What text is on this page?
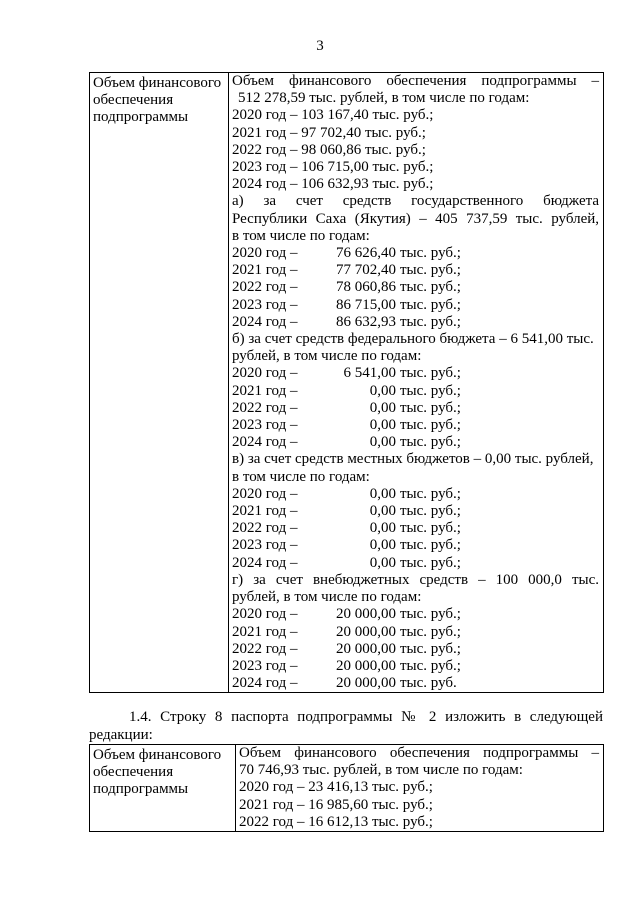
3
Объем финансового
обеспечения
подпрограммы

Объем финансового обеспечения подпрограммы –
512 278,59 тыс. рублей, в том числе по годам:
2020 год – 103 167,40 тыс. руб.;
2021 год – 97 702,40 тыс. руб.;
2022 год – 98 060,86 тыс. руб.;
2023 год – 106 715,00 тыс. руб.;
2024 год – 106 632,93 тыс. руб.;
а) за счет средств государственного бюджета
Республики Саха (Якутия) – 405 737,59 тыс. рублей,
в том числе по годам:
2020 год –	76 626,40 тыс. руб.;
2021 год –	77 702,40 тыс. руб.;
2022 год –	78 060,86 тыс. руб.;
2023 год –	86 715,00 тыс. руб.;
2024 год –	86 632,93 тыс. руб.;
б) за счет средств федерального бюджета – 6 541,00 тыс.
рублей, в том числе по годам:
2020 год –	6 541,00 тыс. руб.;
2021 год –	0,00 тыс. руб.;
2022 год –	0,00 тыс. руб.;
2023 год –	0,00 тыс. руб.;
2024 год –	0,00 тыс. руб.;
в) за счет средств местных бюджетов – 0,00 тыс. рублей,
в том числе по годам:
2020 год –	0,00 тыс. руб.;
2021 год –	0,00 тыс. руб.;
2022 год –	0,00 тыс. руб.;
2023 год –	0,00 тыс. руб.;
2024 год –	0,00 тыс. руб.;
г) за счет внебюджетных средств – 100 000,0 тыс.
рублей, в том числе по годам:
2020 год –	20 000,00 тыс. руб.;
2021 год –	20 000,00 тыс. руб.;
2022 год –	20 000,00 тыс. руб.;
2023 год –	20 000,00 тыс. руб.;
2024 год –	20 000,00 тыс. руб.
1.4. Строку 8 паспорта подпрограммы № 2 изложить в следующей
редакции:
Объем финансового
обеспечения
подпрограммы

Объем финансового обеспечения подпрограммы –
70 746,93 тыс. рублей, в том числе по годам:
2020 год – 23 416,13 тыс. руб.;
2021 год – 16 985,60 тыс. руб.;
2022 год – 16 612,13 тыс. руб.;
